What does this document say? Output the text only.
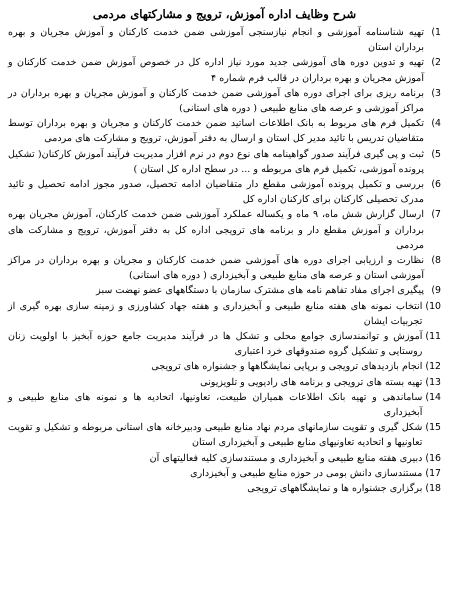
شرح وظایف اداره آموزش، ترویج و مشارکتهای مردمی
1)
تهیه شناسنامه آموزشی و انجام نیازسنجی آموزشی ضمن خدمت کارکنان و آموزش مجریان و بهره برداران استان
2)
تهیه و تدوین دوره های آموزشی جدید مورد نیاز اداره کل در خصوص آموزش ضمن خدمت کارکنان و آموزش مجریان و بهره برداران در قالب فرم شماره ۴
3)
برنامه ریزی برای اجرای دوره های آموزشی ضمن خدمت کارکنان و آموزش مجریان و بهره برداران در مراکز آموزشی و عرصه های منابع طبیعی ( دوره های استانی)
4)
تکمیل فرم های مربوط به بانک اطلاعات اساتید ضمن خدمت کارکنان و مجریان و بهره برداران توسط متقاضیان تدریس با تائید مدیر کل استان و ارسال به دفتر آموزش، ترویج و مشارکت های مردمی
5)
ثبت و پی گیری فرآیند صدور گواهینامه های نوع دوم در نرم افزار مدیریت فرآیند آموزش کارکنان( تشکیل پرونده آموزشی، تکمیل فرم های مربوطه و ... در سطح اداره کل استان )
6)
بررسی و تکمیل پرونده آموزشی مقطع دار متقاضیان ادامه تحصیل، صدور مجوز ادامه تحصیل و تائید مدرک تحصیلی کارکنان برای کارکنان اداره کل
7)
ارسال گزارش شش ماه، ۹ ماه و یکساله عملکرد آموزشی ضمن خدمت کارکنان، آموزش مجریان بهره برداران و آموزش مقطع دار و برنامه های ترویجی اداره کل به دفتر آموزش، ترویج و مشارکت های مردمی
8)
نظارت و ارزیابی اجرای دوره های آموزشی ضمن خدمت کارکنان و مجریان و بهره برداران در مراکز آموزشی استان و عرصه های منابع طبیعی و آبخیزداری ( دوره های استانی)
9)
پیگیری اجرای مفاد تفاهم نامه های مشترک سازمان با دستگاههای عضو نهضت سبز
10)
انتخاب نمونه های هفته منابع طبیعی و آبخیزداری و هفته جهاد کشاورزی و زمینه سازی بهره گیری از تجربیات ایشان
11)
آموزش و توانمندسازی جوامع محلی و تشکل ها در فرآیند مدیریت جامع حوزه آبخیز با اولویت زنان روستایی و تشکیل گروه صندوقهای خرد اعتباری
12)
انجام بازدیدهای ترویجی و برپایی نمایشگاهها و جشنواره های ترویجی
13)
تهیه بسته های ترویجی و برنامه های رادیویی و تلویزیونی
14)
ساماندهی و تهیه بانک اطلاعات همیاران طبیعت، تعاونیها، اتحادیه ها و نمونه های منابع طبیعی و آبخیزداری
15)
شکل گیری و تقویت سازمانهای مردم نهاد منابع طبیعی ودبیرخانه های استانی مربوطه و تشکیل و تقویت تعاونیها و اتحادیه تعاونیهای منابع طبیعی و آبخیزداری استان
16)
دبیری هفته منابع طبیعی و آبخیزداری و مستندسازی کلیه فعالیتهای آن
17)
مستندسازی دانش بومی در حوزه منابع طبیعی و آبخیزداری
18)
برگزاری جشنواره ها و نمایشگاههای ترویجی
